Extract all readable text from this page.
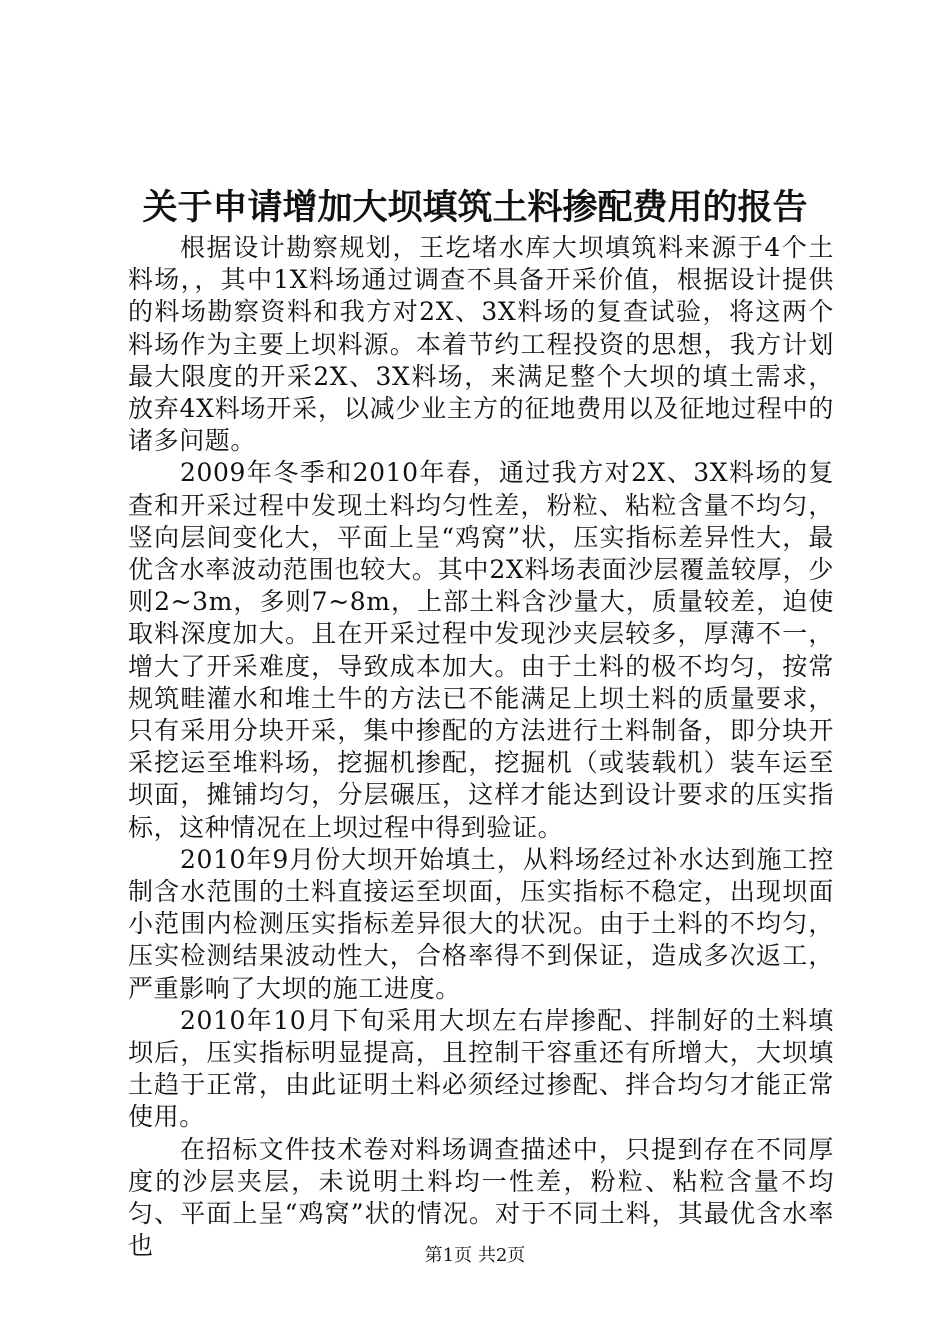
关于申请增加大坝填筑土料掺配费用的报告

根据设计勘察规划，王圪堵水库大坝填筑料来源于4个土料场，，其中1X料场通过调查不具备开采价值，根据设计提供的料场勘察资料和我方对2X、3X料场的复查试验，将这两个料场作为主要上坝料源。本着节约工程投资的思想，我方计划最大限度的开采2X、3X料场，来满足整个大坝的填土需求，放弃4X料场开采，以减少业主方的征地费用以及征地过程中的诸多问题。

2009年冬季和2010年春，通过我方对2X、3X料场的复查和开采过程中发现土料均匀性差，粉粒、粘粒含量不均匀，竖向层间变化大，平面上呈“鸡窝”状，压实指标差异性大，最优含水率波动范围也较大。其中2X料场表面沙层覆盖较厚，少则2~3m，多则7~8m，上部土料含沙量大，质量较差，迫使取料深度加大。且在开采过程中发现沙夹层较多，厚薄不一，增大了开采难度，导致成本加大。由于土料的极不均匀，按常规筑畦灌水和堆土牛的方法已不能满足上坝土料的质量要求，只有采用分块开采，集中掺配的方法进行土料制备，即分块开采挖运至堆料场，挖掘机掺配，挖掘机（或装载机）装车运至坝面，摊铺均匀，分层碾压，这样才能达到设计要求的压实指标，这种情况在上坝过程中得到验证。

2010年9月份大坝开始填土，从料场经过补水达到施工控制含水范围的土料直接运至坝面，压实指标不稳定，出现坝面小范围内检测压实指标差异很大的状况。由于土料的不均匀，压实检测结果波动性大，合格率得不到保证，造成多次返工，严重影响了大坝的施工进度。

2010年10月下旬采用大坝左右岸掺配、拌制好的土料填坝后，压实指标明显提高，且控制干容重还有所增大，大坝填土趋于正常，由此证明土料必须经过掺配、拌合均匀才能正常使用。

在招标文件技术卷对料场调查描述中，只提到存在不同厚度的沙层夹层，未说明土料均一性差，粉粒、粘粒含量不均匀、平面上呈“鸡窝”状的情况。对于不同土料，其最优含水率也	第1页 共2页
